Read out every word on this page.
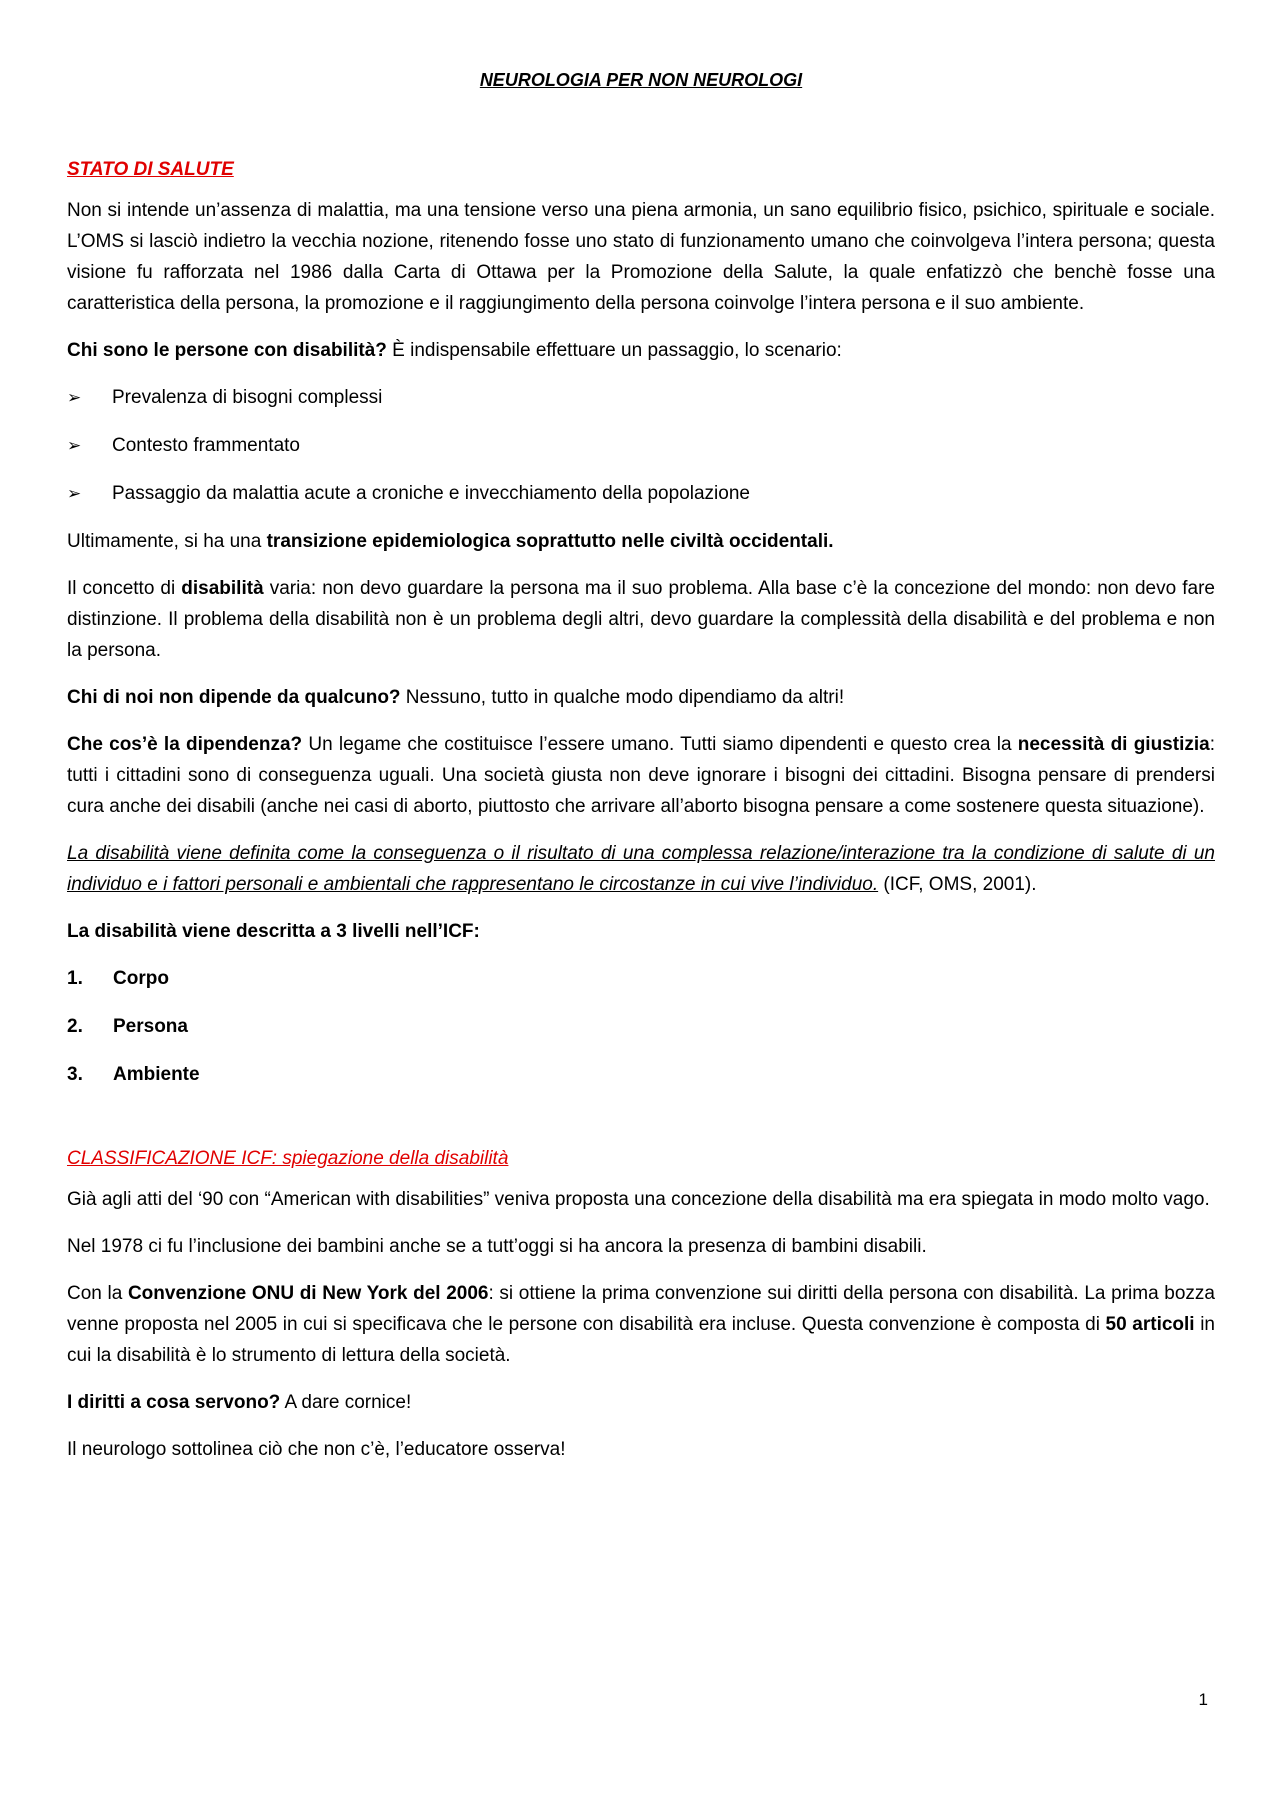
NEUROLOGIA PER NON NEUROLOGI
STATO DI SALUTE

Non si intende un’assenza di malattia, ma una tensione verso una piena armonia, un sano equilibrio fisico, psichico, spirituale e sociale. L’OMS si lasciò indietro la vecchia nozione, ritenendo fosse uno stato di funzionamento umano che coinvolgeva l’intera persona; questa visione fu rafforzata nel 1986 dalla Carta di Ottawa per la Promozione della Salute, la quale enfatizzò che benchè fosse una caratteristica della persona, la promozione e il raggiungimento della persona coinvolge l’intera persona e il suo ambiente.

Chi sono le persone con disabilità? È indispensabile effettuare un passaggio, lo scenario:

➢	Prevalenza di bisogni complessi
➢	Contesto frammentato
➢	Passaggio da malattia acute a croniche e invecchiamento della popolazione

Ultimamente, si ha una transizione epidemiologica soprattutto nelle civiltà occidentali.

Il concetto di disabilità varia: non devo guardare la persona ma il suo problema. Alla base c’è la concezione del mondo: non devo fare distinzione. Il problema della disabilità non è un problema degli altri, devo guardare la complessità della disabilità e del problema e non la persona.

Chi di noi non dipende da qualcuno? Nessuno, tutto in qualche modo dipendiamo da altri!

Che cos’è la dipendenza? Un legame che costituisce l’essere umano. Tutti siamo dipendenti e questo crea la necessità di giustizia: tutti i cittadini sono di conseguenza uguali. Una società giusta non deve ignorare i bisogni dei cittadini. Bisogna pensare di prendersi cura anche dei disabili (anche nei casi di aborto, piuttosto che arrivare all’aborto bisogna pensare a come sostenere questa situazione).

La disabilità viene definita come la conseguenza o il risultato di una complessa relazione/interazione tra la condizione di salute di un individuo e i fattori personali e ambientali che rappresentano le circostanze in cui vive l’individuo. (ICF, OMS, 2001).

La disabilità viene descritta a 3 livelli nell’ICF:

1.	Corpo
2.	Persona
3.	Ambiente
CLASSIFICAZIONE ICF: spiegazione della disabilità

Già agli atti del ‘90 con “American with disabilities” veniva proposta una concezione della disabilità ma era spiegata in modo molto vago.

Nel 1978 ci fu l’inclusione dei bambini anche se a tutt’oggi si ha ancora la presenza di bambini disabili.

Con la Convenzione ONU di New York del 2006: si ottiene la prima convenzione sui diritti della persona con disabilità. La prima bozza venne proposta nel 2005 in cui si specificava che le persone con disabilità era incluse. Questa convenzione è composta di 50 articoli in cui la disabilità è lo strumento di lettura della società.

I diritti a cosa servono? A dare cornice!

Il neurologo sottolinea ciò che non c’è, l’educatore osserva!

1
